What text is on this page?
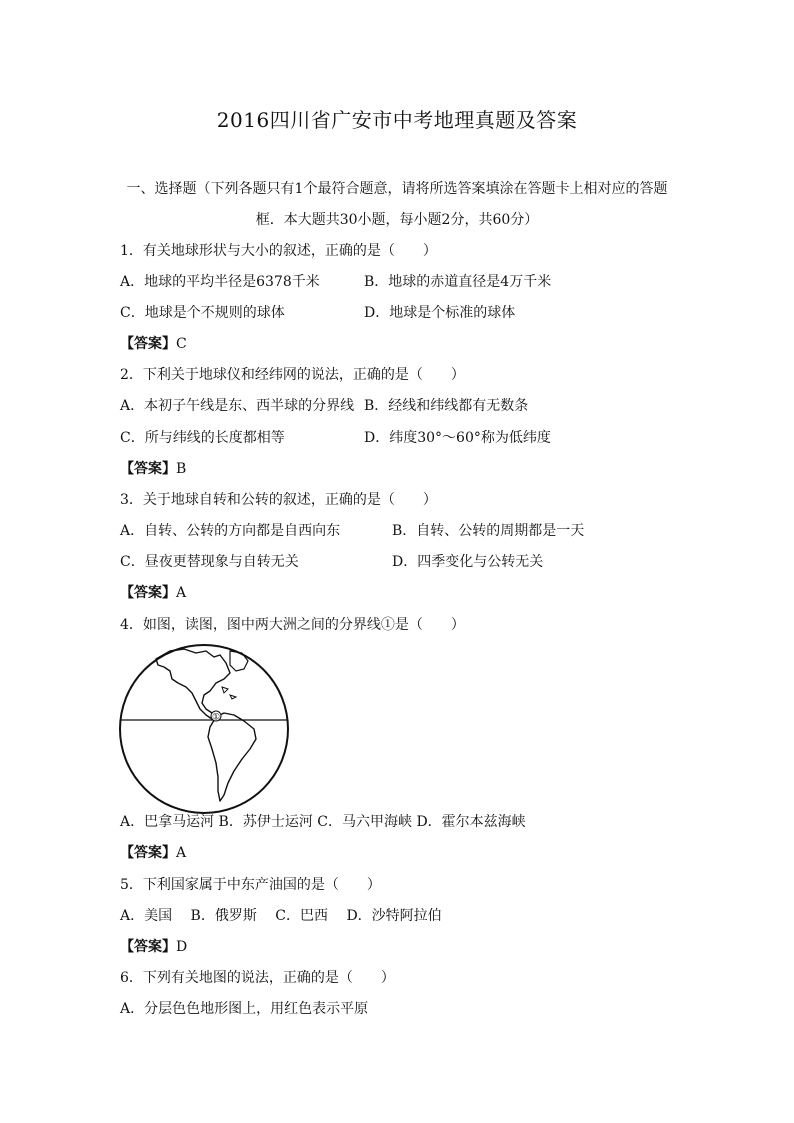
2016四川省广安市中考地理真题及答案
一、选择题（下列各题只有1个最符合题意，请将所选答案填涂在答题卡上相对应的答题
框．本大题共30小题，每小题2分，共60分）
1．有关地球形状与大小的叙述，正确的是（　　）
A．地球的平均半径是6378千米	B．地球的赤道直径是4万千米
C．地球是个不规则的球体	D．地球是个标准的球体
【答案】C
2．下利关于地球仪和经纬网的说法，正确的是（　　）
A．本初子午线是东、西半球的分界线 B．经线和纬线都有无数条
C．所与纬线的长度都相等	D．纬度30°～60°称为低纬度
【答案】B
3．关于地球自转和公转的叙述，正确的是（　　）
A．自转、公转的方向都是自西向东	B．自转、公转的周期都是一天
C．昼夜更替现象与自转无关	D．四季变化与公转无关
【答案】A
4．如图，读图，图中两大洲之间的分界线①是（　　）
①
A．巴拿马运河 B．苏伊士运河 C．马六甲海峡 D．霍尔本兹海峡
【答案】A
5．下利国家属于中东产油国的是（　　）
A．美国　 B．俄罗斯　 C．巴西　 D．沙特阿拉伯
【答案】D
6．下列有关地图的说法，正确的是（　　）
A．分层色色地形图上，用红色表示平原
